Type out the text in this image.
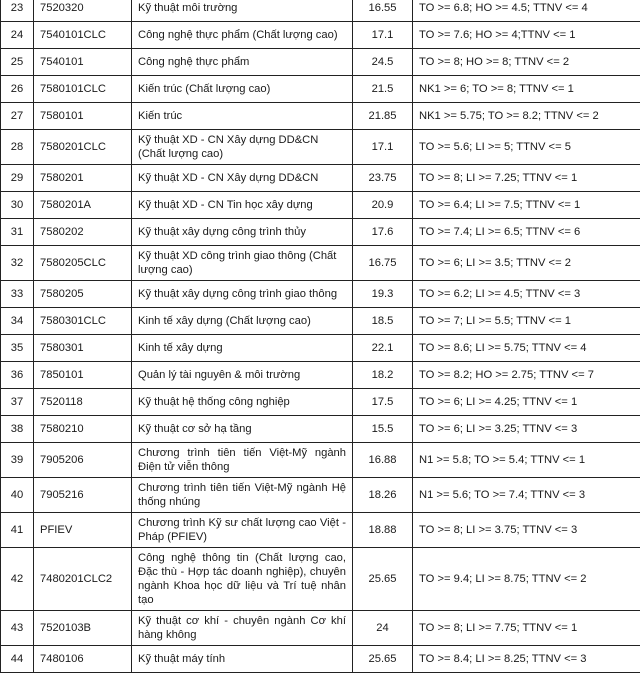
23	7520320	Kỹ thuật môi trường	16.55	TO >= 6.8; HO >= 4.5; TTNV <= 4
24	7540101CLC	Công nghệ thực phẩm (Chất lượng cao)	17.1	TO >= 7.6; HO >= 4;TTNV <= 1
25	7540101	Công nghệ thực phẩm	24.5	TO >= 8; HO >= 8; TTNV <= 2
26	7580101CLC	Kiến trúc (Chất lượng cao)	21.5	NK1 >= 6; TO >= 8; TTNV <= 1
27	7580101	Kiến trúc	21.85	NK1 >= 5.75; TO >= 8.2; TTNV <= 2
28	7580201CLC	Kỹ thuật XD - CN Xây dựng DD&CN (Chất lượng cao)	17.1	TO >= 5.6; LI >= 5; TTNV <= 5
29	7580201	Kỹ thuật XD - CN Xây dựng DD&CN	23.75	TO >= 8; LI >= 7.25; TTNV <= 1
30	7580201A	Kỹ thuật XD - CN Tin học xây dựng	20.9	TO >= 6.4; LI >= 7.5; TTNV <= 1
31	7580202	Kỹ thuật xây dựng công trình thủy	17.6	TO >= 7.4; LI >= 6.5; TTNV <= 6
32	7580205CLC	Kỹ thuật XD công trình giao thông (Chất lượng cao)	16.75	TO >= 6; LI >= 3.5; TTNV <= 2
33	7580205	Kỹ thuật xây dựng công trình giao thông	19.3	TO >= 6.2; LI >= 4.5; TTNV <= 3
34	7580301CLC	Kinh tế xây dựng (Chất lượng cao)	18.5	TO >= 7; LI >= 5.5; TTNV <= 1
35	7580301	Kinh tế xây dựng	22.1	TO >= 8.6; LI >= 5.75; TTNV <= 4
36	7850101	Quản lý tài nguyên & môi trường	18.2	TO >= 8.2; HO >= 2.75; TTNV <= 7
37	7520118	Kỹ thuật hệ thống công nghiệp	17.5	TO >= 6; LI >= 4.25; TTNV <= 1
38	7580210	Kỹ thuật cơ sở hạ tầng	15.5	TO >= 6; LI >= 3.25; TTNV <= 3
39	7905206	Chương trình tiên tiến Việt-Mỹ ngành Điện tử viễn thông	16.88	N1 >= 5.8; TO >= 5.4; TTNV <= 1
40	7905216	Chương trình tiên tiến Việt-Mỹ ngành Hệ thống nhúng	18.26	N1 >= 5.6; TO >= 7.4; TTNV <= 3
41	PFIEV	Chương trình Kỹ sư chất lượng cao Việt - Pháp (PFIEV)	18.88	TO >= 8; LI >= 3.75; TTNV <= 3
42	7480201CLC2	Công nghệ thông tin (Chất lượng cao, Đặc thù - Hợp tác doanh nghiệp), chuyên ngành Khoa học dữ liệu và Trí tuệ nhân tạo	25.65	TO >= 9.4; LI >= 8.75; TTNV <= 2
43	7520103B	Kỹ thuật cơ khí - chuyên ngành Cơ khí hàng không	24	TO >= 8; LI >= 7.75; TTNV <= 1
44	7480106	Kỹ thuật máy tính	25.65	TO >= 8.4; LI >= 8.25; TTNV <= 3
